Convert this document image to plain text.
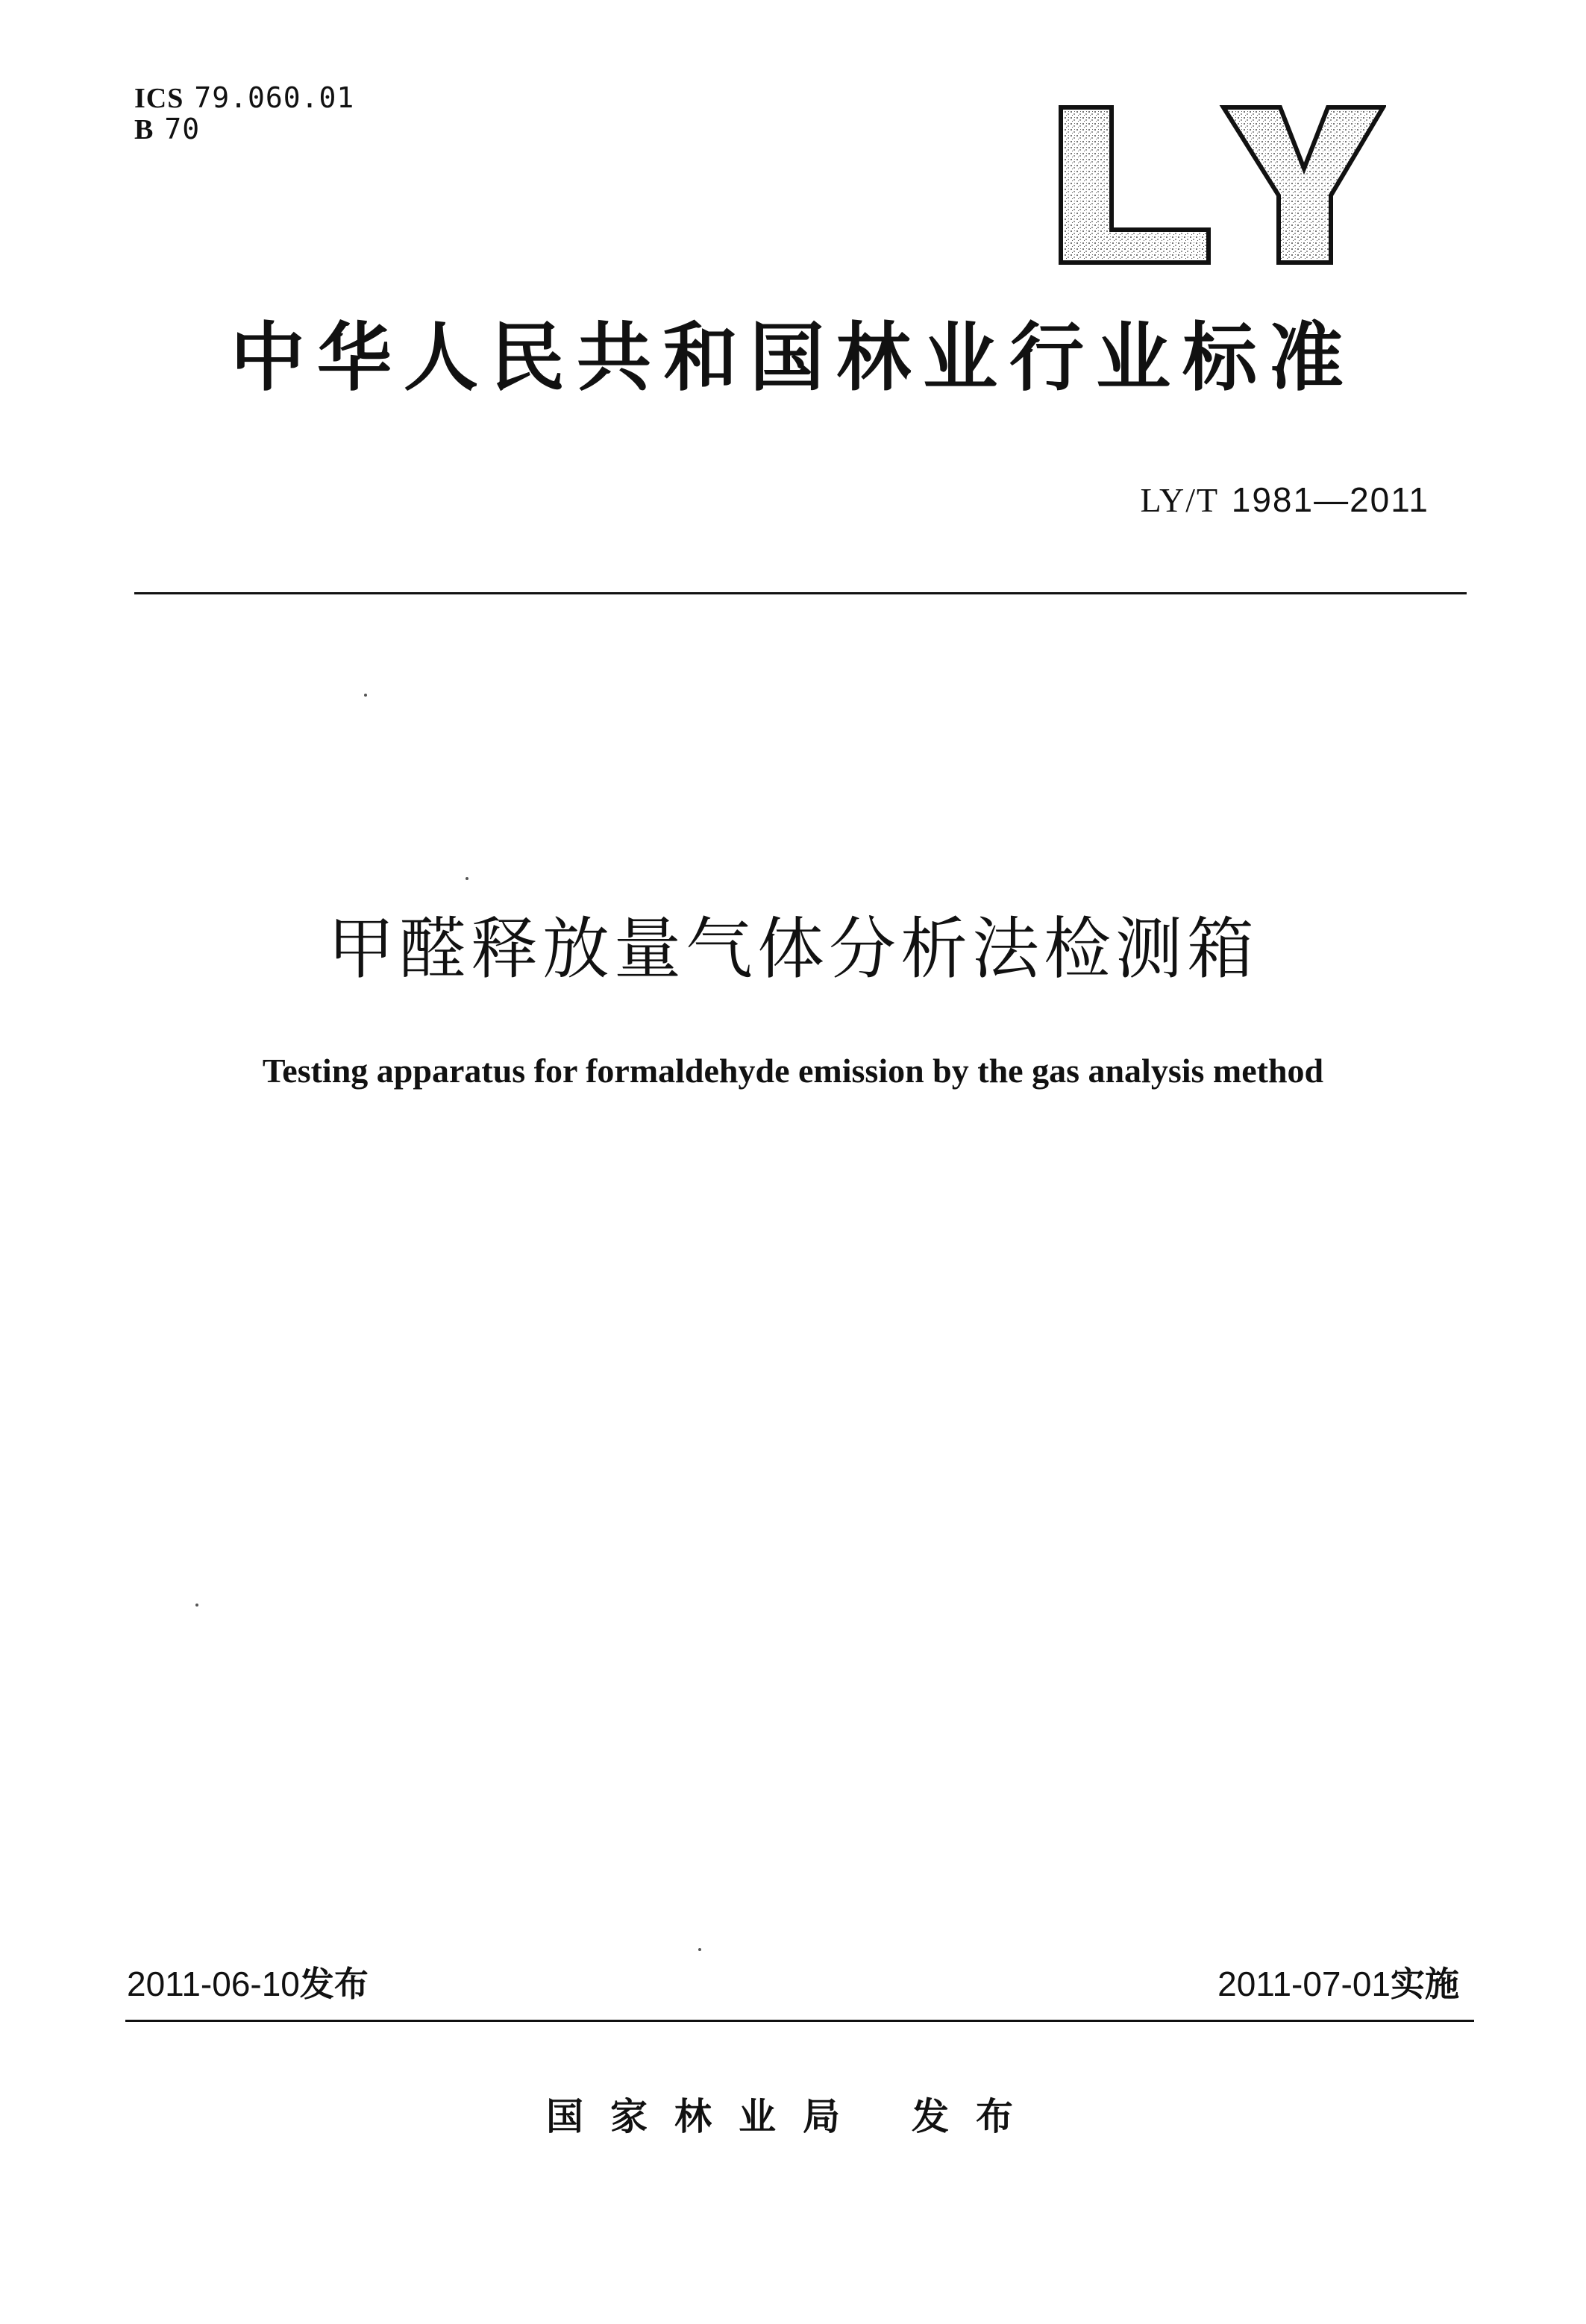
ICS 79.060.01
B 70
中华人民共和国林业行业标准
LY/T 1981—2011
甲醛释放量气体分析法检测箱
Testing apparatus for formaldehyde emission by the gas analysis method
2011-06-10发布	2011-07-01实施
国家林业局 发布
